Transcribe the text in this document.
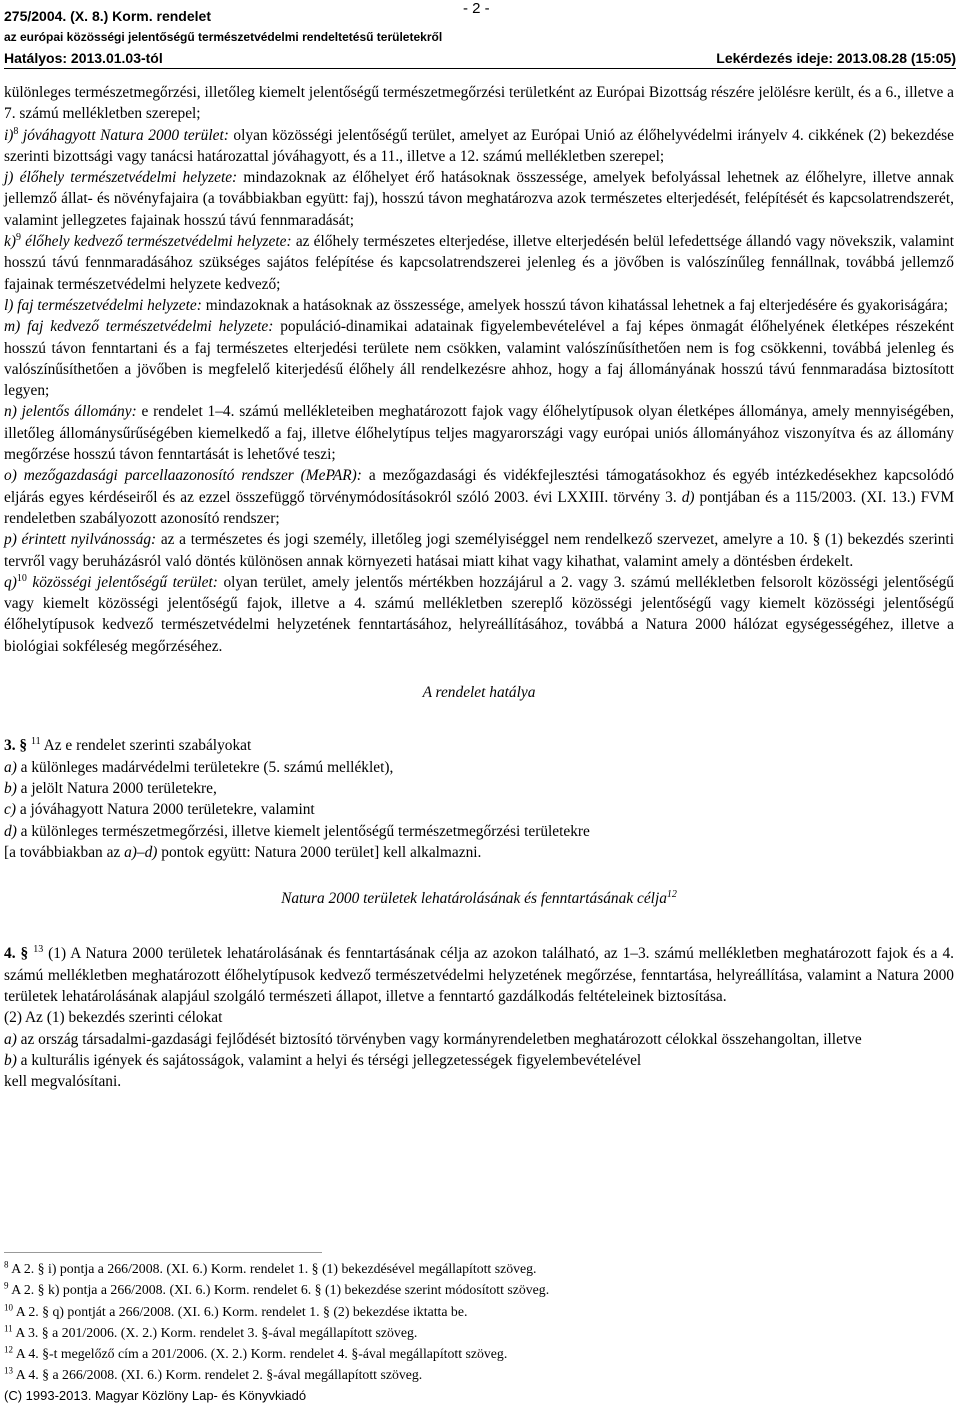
275/2004. (X. 8.) Korm. rendelet	- 2 -
az európai közösségi jelentőségű természetvédelmi rendeltetésű területekről
Hatályos: 2013.01.03-tól	Lekérdezés ideje: 2013.08.28 (15:05)

különleges természetmegőrzési, illetőleg kiemelt jelentőségű természetmegőrzési területként az Európai Bizottság részére jelölésre került, és a 6., illetve a 7. számú mellékletben szerepel;

i)$^8$ jóváhagyott Natura 2000 terület: olyan közösségi jelentőségű terület, amelyet az Európai Unió az élőhelyvédelmi irányelv 4. cikkének (2) bekezdése szerinti bizottsági vagy tanácsi határozattal jóváhagyott, és a 11., illetve a 12. számú mellékletben szerepel;

j) élőhely természetvédelmi helyzete: mindazoknak az élőhelyet érő hatásoknak összessége, amelyek befolyással lehetnek az élőhelyre, illetve annak jellemző állat- és növényfajaira (a továbbiakban együtt: faj), hosszú távon meghatározva azok természetes elterjedését, felépítését és kapcsolatrendszerét, valamint jellegzetes fajainak hosszú távú fennmaradását;

k)$^9$ élőhely kedvező természetvédelmi helyzete: az élőhely természetes elterjedése, illetve elterjedésén belül lefedettsége állandó vagy növekszik, valamint hosszú távú fennmaradásához szükséges sajátos felépítése és kapcsolatrendszerei jelenleg és a jövőben is valószínűleg fennállnak, továbbá jellemző fajainak természetvédelmi helyzete kedvező;

l) faj természetvédelmi helyzete: mindazoknak a hatásoknak az összessége, amelyek hosszú távon kihatással lehetnek a faj elterjedésére és gyakoriságára;

m) faj kedvező természetvédelmi helyzete: populáció-dinamikai adatainak figyelembevételével a faj képes önmagát élőhelyének életképes részeként hosszú távon fenntartani és a faj természetes elterjedési területe nem csökken, valamint valószínűsíthetően nem is fog csökkenni, továbbá jelenleg és valószínűsíthetően a jövőben is megfelelő kiterjedésű élőhely áll rendelkezésre ahhoz, hogy a faj állományának hosszú távú fennmaradása biztosított legyen;

n) jelentős állomány: e rendelet 1–4. számú mellékleteiben meghatározott fajok vagy élőhelytípusok olyan életképes állománya, amely mennyiségében, illetőleg állománysűrűségében kiemelkedő a faj, illetve élőhelytípus teljes magyarországi vagy európai uniós állományához viszonyítva és az állomány megőrzése hosszú távon fenntartását is lehetővé teszi;

o) mezőgazdasági parcellaazonosító rendszer (MePAR): a mezőgazdasági és vidékfejlesztési támogatásokhoz és egyéb intézkedésekhez kapcsolódó eljárás egyes kérdéseiről és az ezzel összefüggő törvénymódosításokról szóló 2003. évi LXXIII. törvény 3. d) pontjában és a 115/2003. (XI. 13.) FVM rendeletben szabályozott azonosító rendszer;

p) érintett nyilvánosság: az a természetes és jogi személy, illetőleg jogi személyiséggel nem rendelkező szervezet, amelyre a 10. § (1) bekezdés szerinti tervről vagy beruházásról való döntés különösen annak környezeti hatásai miatt kihat vagy kihathat, valamint amely a döntésben érdekelt.

q)$^{10}$ közösségi jelentőségű terület: olyan terület, amely jelentős mértékben hozzájárul a 2. vagy 3. számú mellékletben felsorolt közösségi jelentőségű vagy kiemelt közösségi jelentőségű fajok, illetve a 4. számú mellékletben szereplő közösségi jelentőségű vagy kiemelt közösségi jelentőségű élőhelytípusok kedvező természetvédelmi helyzetének fenntartásához, helyreállításához, továbbá a Natura 2000 hálózat egységességéhez, illetve a biológiai sokféleség megőrzéséhez.

A rendelet hatálya

3. § $^{11}$ Az e rendelet szerinti szabályokat

a) a különleges madárvédelmi területekre (5. számú melléklet),

b) a jelölt Natura 2000 területekre,

c) a jóváhagyott Natura 2000 területekre, valamint

d) a különleges természetmegőrzési, illetve kiemelt jelentőségű természetmegőrzési területekre

[a továbbiakban az a)–d) pontok együtt: Natura 2000 terület] kell alkalmazni.

Natura 2000 területek lehatárolásának és fenntartásának célja$^{12}$

4. § $^{13}$ (1) A Natura 2000 területek lehatárolásának és fenntartásának célja az azokon található, az 1–3. számú mellékletben meghatározott fajok és a 4. számú mellékletben meghatározott élőhelytípusok kedvező természetvédelmi helyzetének megőrzése, fenntartása, helyreállítása, valamint a Natura 2000 területek lehatárolásának alapjául szolgáló természeti állapot, illetve a fenntartó gazdálkodás feltételeinek biztosítása.

(2) Az (1) bekezdés szerinti célokat

a) az ország társadalmi-gazdasági fejlődését biztosító törvényben vagy kormányrendeletben meghatározott célokkal összehangoltan, illetve

b) a kulturális igények és sajátosságok, valamint a helyi és térségi jellegzetességek figyelembevételével

kell megvalósítani.

$^8$ A 2. § i) pontja a 266/2008. (XI. 6.) Korm. rendelet 1. § (1) bekezdésével megállapított szöveg.

$^9$ A 2. § k) pontja a 266/2008. (XI. 6.) Korm. rendelet 6. § (1) bekezdése szerint módosított szöveg.

$^{10}$ A 2. § q) pontját a 266/2008. (XI. 6.) Korm. rendelet 1. § (2) bekezdése iktatta be.

$^{11}$ A 3. § a 201/2006. (X. 2.) Korm. rendelet 3. §-ával megállapított szöveg.

$^{12}$ A 4. §-t megelőző cím a 201/2006. (X. 2.) Korm. rendelet 4. §-ával megállapított szöveg.

$^{13}$ A 4. § a 266/2008. (XI. 6.) Korm. rendelet 2. §-ával megállapított szöveg.

(C) 1993-2013. Magyar Közlöny Lap- és Könyvkiadó
